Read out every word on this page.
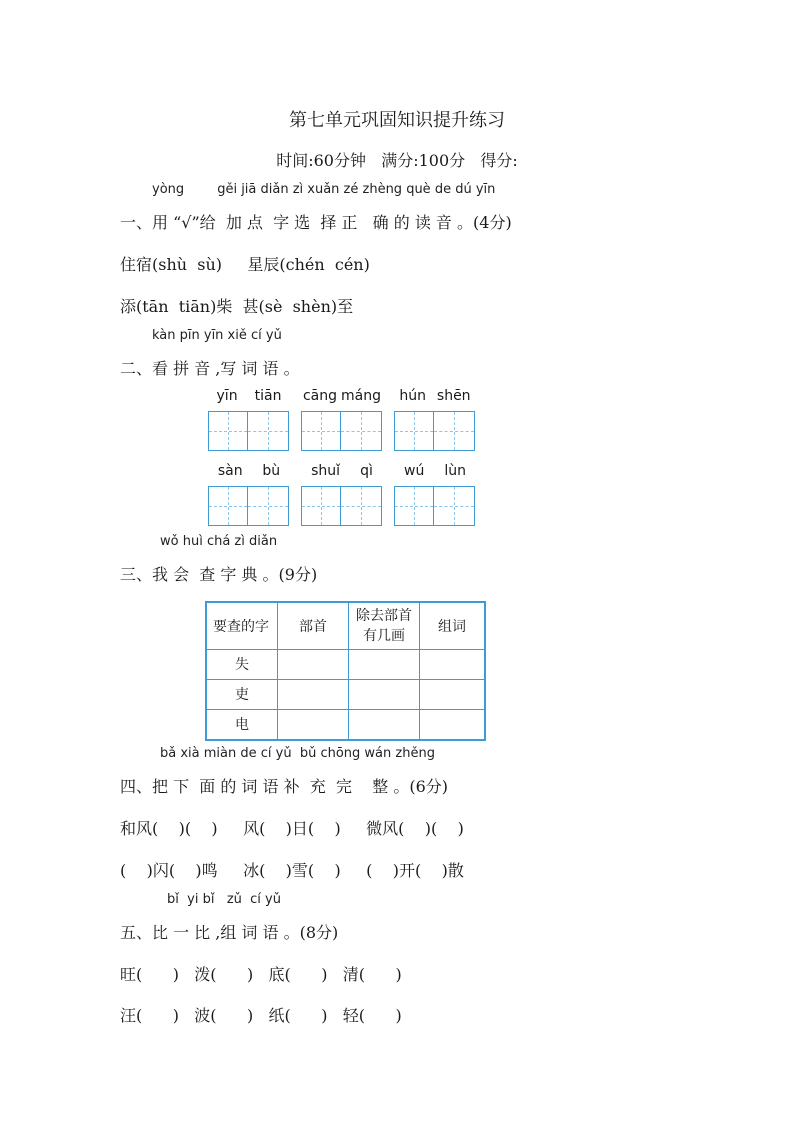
第七单元巩固知识提升练习
时间:60分钟   满分:100分   得分:
yòng        gěi jiā diǎn zì xuǎn zé zhèng què de dú yīn
一、用 “√”给  加 点  字 选  择 正   确 的 读 音 。(4分)
住宿(shù  sù)     星辰(chén  cén)
添(tān  tiān)柴  甚(sè  shèn)至
kàn pīn yīn xiě cí yǔ
二、看 拼 音 ,写 词 语 。
yīn tiān cāng máng hún shēn
sàn bù shuǐ qì wú lùn
wǒ huì chá zì diǎn
三、我 会  查 字 典 。(9分)
要查的字	部首	除去部首
有几画	组词
失			
吏			
电			
bǎ xià miàn de cí yǔ  bǔ chōng wán zhěng
四、把 下  面 的 词 语 补  充  完    整 。(6分)
和风(    )(    )     风(    )日(    )     微风(    )(    )
(    )闪(    )鸣     冰(    )雪(    )     (    )开(    )散
bǐ  yi bǐ   zǔ  cí yǔ
五、比 一 比 ,组 词 语 。(8分)
旺(      )   泼(      )   底(      )   清(      )
汪(      )   波(      )   纸(      )   轻(      )
